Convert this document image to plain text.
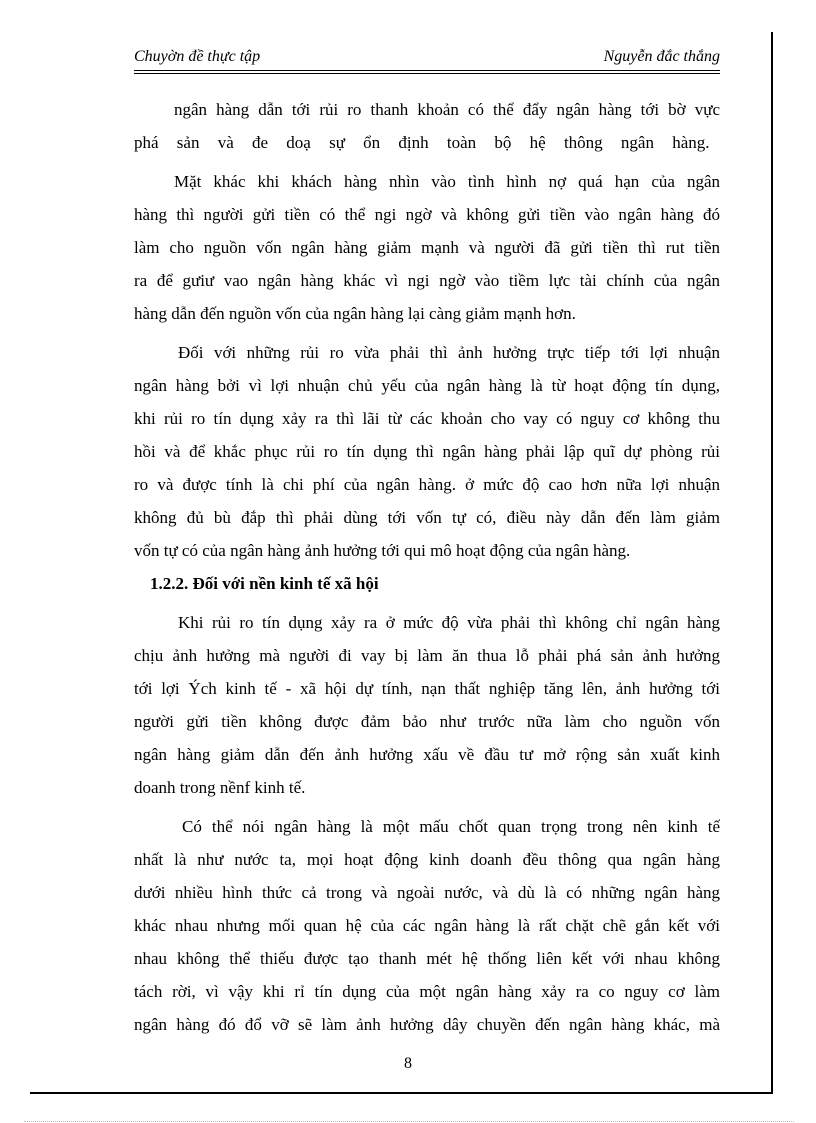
Chuyờn đề thực tập	Nguyễn đắc thắng
ngân hàng dẫn tới rủi ro thanh khoản có thể đẩy ngân hàng tới bờ vực
phá sản và đe doạ sự ổn định toàn bộ hệ thông ngân hàng.
Mặt khác khi khách hàng nhìn vào tình hình nợ quá hạn của ngân
hàng thì người gửi tiền có thể ngi ngờ và không gửi tiền vào ngân hàng đó
làm cho nguồn vốn ngân hàng giảm mạnh và người đã gửi tiền thì rut tiền
ra để gưiư vao ngân hàng khác vì ngi ngờ vào tiềm lực tài chính của ngân
hàng dẫn đến nguồn vốn của ngân hàng lại càng giảm mạnh hơn.
Đối với những rủi ro vừa phải thì ảnh hưởng trực tiếp tới lợi nhuận
ngân hàng bởi vì lợi nhuận chủ yếu của ngân hàng là từ hoạt động tín dụng,
khi rủi ro tín dụng xảy ra thì lãi từ các khoản cho vay có nguy cơ không thu
hồi và để khắc phục rủi ro tín dụng thì ngân hàng phải lập quĩ dự phòng rủi
ro và được tính là chi phí của ngân hàng. ở mức độ cao hơn nữa lợi nhuận
không đủ bù đắp thì phải dùng tới vốn tự có, điều này dẫn đến làm giảm
vốn tự có của ngân hàng ảnh hưởng tới qui mô hoạt động của ngân hàng.
1.2.2. Đối với nền kinh tế xã hội
Khi rủi ro tín dụng xảy ra ở mức độ vừa phải thì không chỉ ngân hàng
chịu ảnh hưởng mà người đi vay bị làm ăn thua lỗ phải phá sản ảnh hưởng
tới lợi Ých kinh tế - xã hội dự tính, nạn thất nghiệp tăng lên, ảnh hưởng tới
người gửi tiền không được đảm bảo như trước nữa làm cho nguồn vốn
ngân hàng giảm dẫn đến ảnh hưởng xấu về đầu tư mở rộng sản xuất kinh
doanh trong nềnf kinh tế.
Có thể nói ngân hàng là một mấu chốt quan trọng trong nên kinh tế
nhất là như nước ta, mọi hoạt động kinh doanh đều thông qua ngân hàng
dưới nhiều hình thức cả trong và ngoài nước, và dù là có những ngân hàng
khác nhau nhưng mối quan hệ của các ngân hàng là rất chặt chẽ gắn kết với
nhau không thể thiếu được tạo thanh mét hệ thống liên kết với nhau không
tách rời, vì vậy khi rỉ tín dụng của một ngân hàng xảy ra co nguy cơ làm
ngân hàng đó đổ vỡ sẽ làm ảnh hưởng dây chuyền đến ngân hàng khác, mà
8
